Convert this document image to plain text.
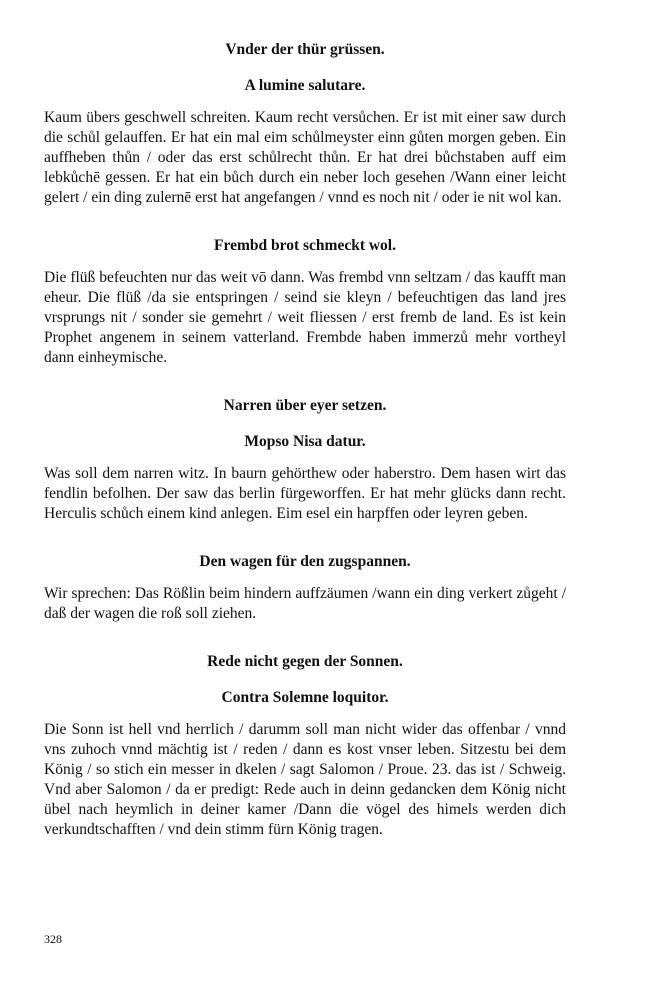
Vnder der thür grüssen.
A lumine salutare.

Kaum übers geschwell schreiten. Kaum recht versůchen. Er ist mit einer saw durch die schůl gelauffen. Er hat ein mal eim schůlmeyster einn gůten morgen geben. Ein auffheben thůn / oder das erst schůlrecht thůn. Er hat drei bůchstaben auff eim lebkůchē gessen. Er hat ein bůch durch ein neber loch gesehen /Wann einer leicht gelert / ein ding zulernē erst hat angefangen / vnnd es noch nit / oder ie nit wol kan.

Frembd brot schmeckt wol.

Die flüß befeuchten nur das weit vō dann. Was frembd vnn seltzam / das kaufft man eheur. Die flüß /da sie entspringen / seind sie kleyn / befeuchtigen das land jres vrsprungs nit / sonder sie gemehrt / weit fliessen / erst fremb de land. Es ist kein Prophet angenem in seinem vatterland. Frembde haben immerzů mehr vortheyl dann einheymische.

Narren über eyer setzen.
Mopso Nisa datur.

Was soll dem narren witz. In baurn gehörthew oder haberstro. Dem hasen wirt das fendlin befolhen. Der saw das berlin fürgeworffen. Er hat mehr glücks dann recht. Herculis schůch einem kind anlegen. Eim esel ein harpffen oder leyren geben.

Den wagen für den zugspannen.

Wir sprechen: Das Rößlin beim hindern auffzäumen /wann ein ding verkert zůgeht / daß der wagen die roß soll ziehen.

Rede nicht gegen der Sonnen.
Contra Solemne loquitor.

Die Sonn ist hell vnd herrlich / darumm soll man nicht wider das offenbar / vnnd vns zuhoch vnnd mächtig ist / reden / dann es kost vnser leben. Sitzestu bei dem König / so stich ein messer in dkelen / sagt Salomon / Proue. 23. das ist / Schweig. Vnd aber Salomon / da er predigt: Rede auch in deinn gedancken dem König nicht übel nach heymlich in deiner kamer /Dann die vögel des himels werden dich verkundtschafften / vnd dein stimm fürn König tragen.

328
